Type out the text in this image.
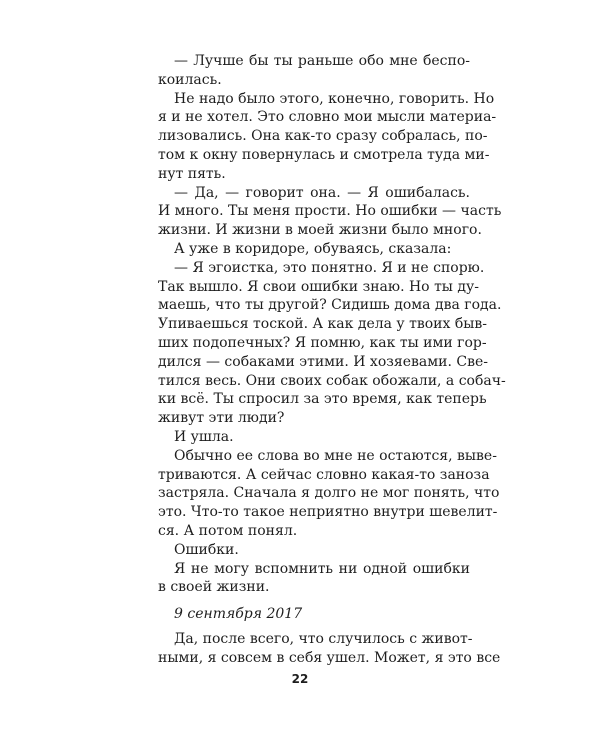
— Лучше бы ты раньше обо мне беспо-
коилась.
Не надо было этого, конечно, говорить. Но
я и не хотел. Это словно мои мысли материа-
лизовались. Она как-то сразу собралась, по-
том к окну повернулась и смотрела туда ми-
нут пять.
— Да, — говорит она. — Я ошибалась.
И много. Ты меня прости. Но ошибки — часть
жизни. И жизни в моей жизни было много.
А уже в коридоре, обуваясь, сказала:
— Я эгоистка, это понятно. Я и не спорю.
Так вышло. Я свои ошибки знаю. Но ты ду-
маешь, что ты другой? Сидишь дома два года.
Упиваешься тоской. А как дела у твоих быв-
ших подопечных? Я помню, как ты ими гор-
дился — собаками этими. И хозяевами. Све-
тился весь. Они своих собак обожали, а собач-
ки всё. Ты спросил за это время, как теперь
живут эти люди?
И ушла.
Обычно ее слова во мне не остаются, выве-
триваются. А сейчас словно какая-то заноза
застряла. Сначала я долго не мог понять, что
это. Что-то такое неприятно внутри шевелит-
ся. А потом понял.
Ошибки.
Я не могу вспомнить ни одной ошибки
в своей жизни.
9 сентября 2017
Да, после всего, что случилось с живот-
ными, я совсем в себя ушел. Может, я это все
22
